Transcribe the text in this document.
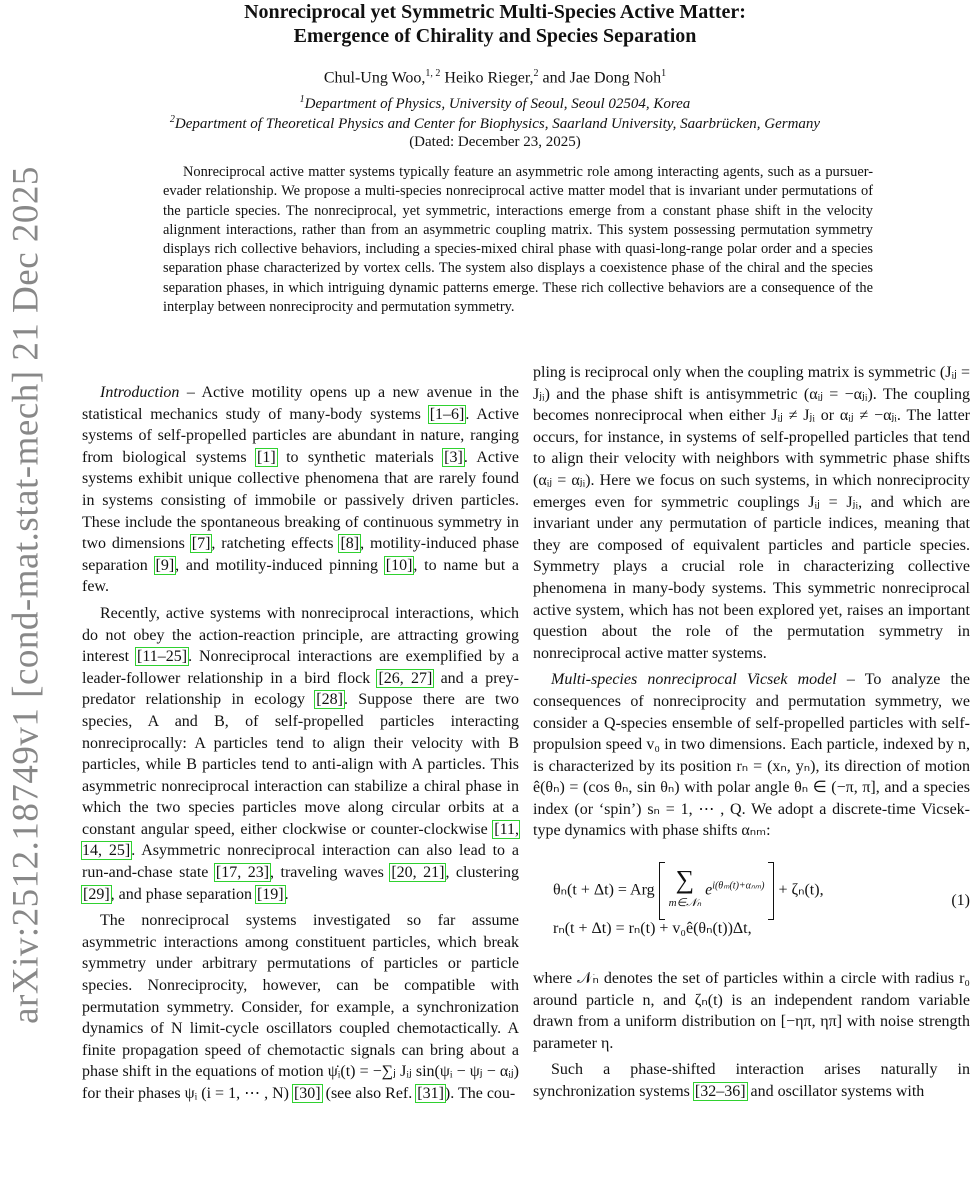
arXiv:2512.18749v1 [cond-mat.stat-mech] 21 Dec 2025
Nonreciprocal yet Symmetric Multi-Species Active Matter:
Emergence of Chirality and Species Separation
Chul-Ung Woo,$^{1, 2}$ Heiko Rieger,$^2$ and Jae Dong Noh$^1$
$^1$Department of Physics, University of Seoul, Seoul 02504, Korea
$^2$Department of Theoretical Physics and Center for Biophysics, Saarland University, Saarbrücken, Germany
(Dated: December 23, 2025)
Nonreciprocal active matter systems typically feature an asymmetric role among interacting agents, such as a pursuer-evader relationship. We propose a multi-species nonreciprocal active matter model that is invariant under permutations of the particle species. The nonreciprocal, yet symmetric, interactions emerge from a constant phase shift in the velocity alignment interactions, rather than from an asymmetric coupling matrix. This system possessing permutation symmetry displays rich collective behaviors, including a species-mixed chiral phase with quasi-long-range polar order and a species separation phase characterized by vortex cells. The system also displays a coexistence phase of the chiral and the species separation phases, in which intriguing dynamic patterns emerge. These rich collective behaviors are a consequence of the interplay between nonreciprocity and permutation symmetry.

Introduction – Active motility opens up a new avenue in the statistical mechanics study of many-body systems [1–6]. Active systems of self-propelled particles are abundant in nature, ranging from biological systems [1] to synthetic materials [3]. Active systems exhibit unique collective phenomena that are rarely found in systems consisting of immobile or passively driven particles. These include the spontaneous breaking of continuous symmetry in two dimensions [7], ratcheting effects [8], motility-induced phase separation [9], and motility-induced pinning [10], to name but a few.

Recently, active systems with nonreciprocal interactions, which do not obey the action-reaction principle, are attracting growing interest [11–25]. Nonreciprocal interactions are exemplified by a leader-follower relationship in a bird flock [26, 27] and a prey-predator relationship in ecology [28]. Suppose there are two species, A and B, of self-propelled particles interacting nonreciprocally: A particles tend to align their velocity with B particles, while B particles tend to anti-align with A particles. This asymmetric nonreciprocal interaction can stabilize a chiral phase in which the two species particles move along circular orbits at a constant angular speed, either clockwise or counter-clockwise [11, 14, 25]. Asymmetric nonreciprocal interaction can also lead to a run-and-chase state [17, 23], traveling waves [20, 21], clustering [29], and phase separation [19].

The nonreciprocal systems investigated so far assume asymmetric interactions among constituent particles, which break symmetry under arbitrary permutations of particles or particle species. Nonreciprocity, however, can be compatible with permutation symmetry. Consider, for example, a synchronization dynamics of N limit-cycle oscillators coupled chemotactically. A finite propagation speed of chemotactic signals can bring about a phase shift in the equations of motion ψ̇ᵢ(t) = −∑ⱼ Jᵢⱼ sin(ψᵢ − ψⱼ − αᵢⱼ) for their phases ψᵢ (i = 1, ⋯ , N) [30] (see also Ref. [31]). The cou-

pling is reciprocal only when the coupling matrix is symmetric (Jᵢⱼ = Jⱼᵢ) and the phase shift is antisymmetric (αᵢⱼ = −αⱼᵢ). The coupling becomes nonreciprocal when either Jᵢⱼ ≠ Jⱼᵢ or αᵢⱼ ≠ −αⱼᵢ. The latter occurs, for instance, in systems of self-propelled particles that tend to align their velocity with neighbors with symmetric phase shifts (αᵢⱼ = αⱼᵢ). Here we focus on such systems, in which nonreciprocity emerges even for symmetric couplings Jᵢⱼ = Jⱼᵢ, and which are invariant under any permutation of particle indices, meaning that they are composed of equivalent particles and particle species. Symmetry plays a crucial role in characterizing collective phenomena in many-body systems. This symmetric nonreciprocal active system, which has not been explored yet, raises an important question about the role of the permutation symmetry in nonreciprocal active matter systems.

Multi-species nonreciprocal Vicsek model – To analyze the consequences of nonreciprocity and permutation symmetry, we consider a Q-species ensemble of self-propelled particles with self-propulsion speed v₀ in two dimensions. Each particle, indexed by n, is characterized by its position rₙ = (xₙ, yₙ), its direction of motion ê(θₙ) = (cos θₙ, sin θₙ) with polar angle θₙ ∈ (−π, π], and a species index (or ‘spin’) sₙ = 1, ⋯ , Q. We adopt a discrete-time Vicsek-type dynamics with phase shifts αₙₘ:

θₙ(t + Δt) = Arg ∑
m∈𝒩ₙ
$e^{i(\theta_m(t)+\alpha_{nm})} + \zeta_n(t)$,
rₙ(t + Δt) = rₙ(t) + v₀ê(θₙ(t))Δt,
(1)

where 𝒩ₙ denotes the set of particles within a circle with radius r₀ around particle n, and ζₙ(t) is an independent random variable drawn from a uniform distribution on [−ηπ, ηπ] with noise strength parameter η.

Such a phase-shifted interaction arises naturally in synchronization systems [32–36] and oscillator systems with
